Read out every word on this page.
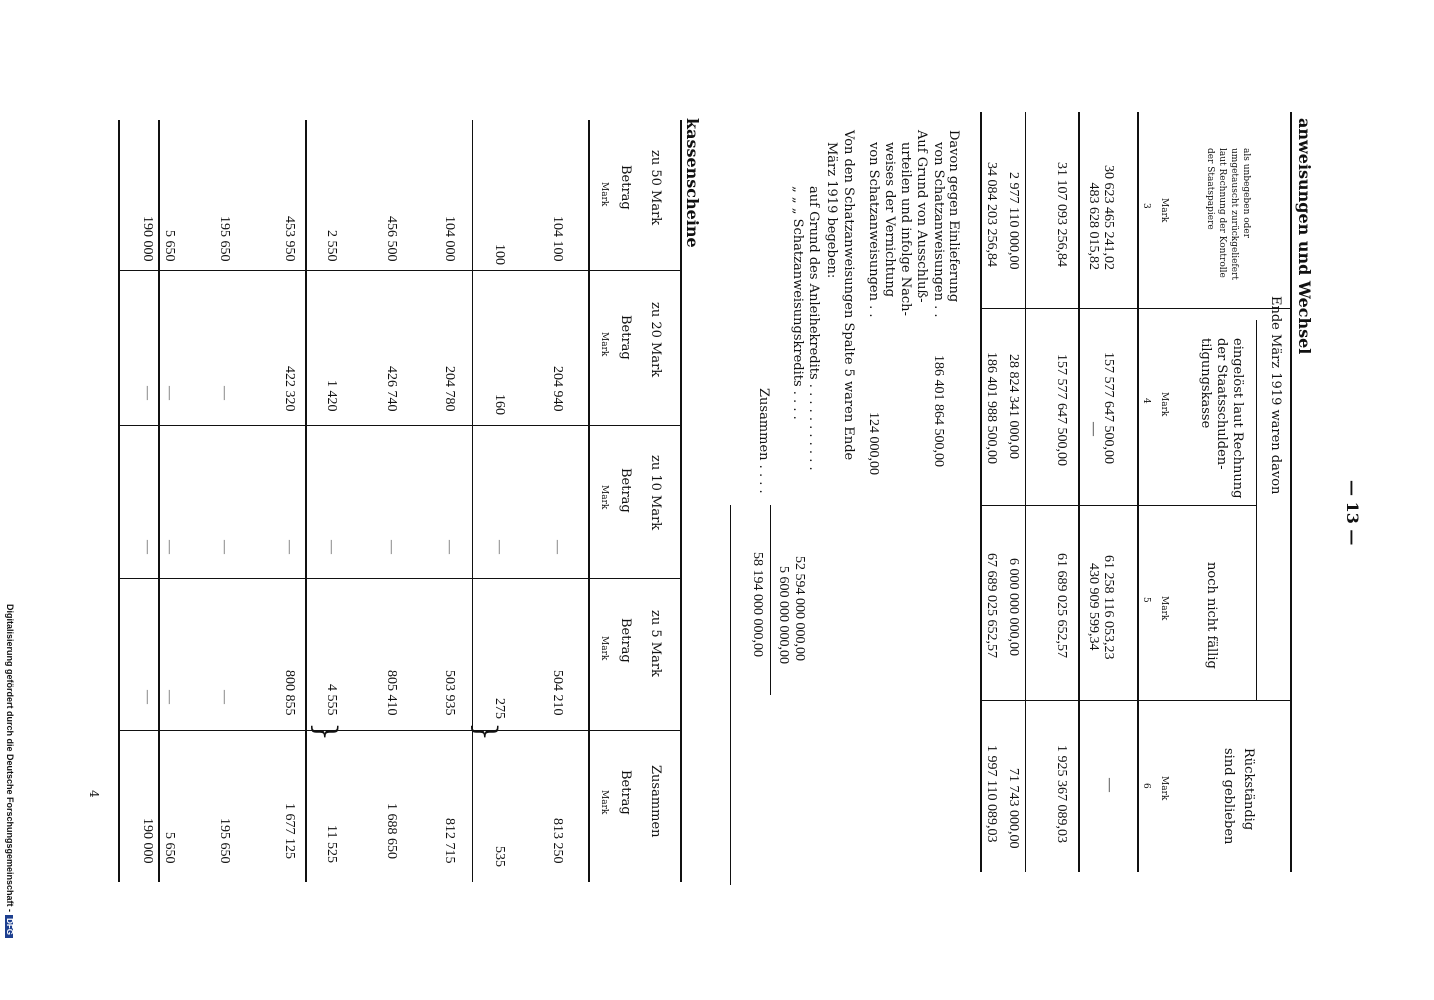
— 13 —
anweisungen und Wechsel
Ende März 1919 waren davon
als unbegeben oder
umgetauscht zurückgeliefert
laut Rechnung der Kontrolle
der Staatspapiere
Mark
3
eingelöst laut Rechnung
der Staatsschulden-
tilgungskasse
Mark
4
noch nicht fällig
Mark
5
Rückständig
sind geblieben
Mark
6
30 623 465 241,02
483 628 015,82
157 577 647 500,00
—
61 258 116 053,23
430 909 599,34
—
31 107 093 256,84
157 577 647 500,00
61 689 025 652,57
1 925 367 089,03
2 977 110 000,00
28 824 341 000,00
6 000 000 000,00
71 743 000,00
34 084 203 256,84
186 401 988 500,00
67 689 025 652,57
1 997 110 089,03
Davon gegen Einlieferung
von Schatzanweisungen . .
186 401 864 500,00
Auf Grund von Ausschluß-
urteilen und infolge Nach-
weises der Vernichtung
von Schatzanweisungen . .
124 000,00
Von den Schatzanweisungen Spalte 5 waren Ende
März 1919 begeben:
auf Grund des Anleihekredits . . . . . . . . . . .
52 594 000 000,00
„ „ „ Schatzanweisungskredits . . . .
5 600 000 000,00
Zusammen . . . .
58 194 000 000,00
kassenscheine
zu 50 Mark
Betrag
Mark
zu 20 Mark
Betrag
Mark
zu 10 Mark
Betrag
Mark
zu 5 Mark
Betrag
Mark
Zusammen
Betrag
Mark
104 100
204 940
—
504 210
813 250
100
160
—
275
535
104 000
204 780
—
503 935
812 715
456 500
426 740
—
805 410
1 688 650
2 550
1 420
—
4 555
11 525
453 950
422 320
—
800 855
1 677 125
195 650
—
—
—
195 650
5 650
—
—
—
5 650
190 000
—
—
—
190 000
}
}
4
Digitalisierung gefördert durch die Deutsche Forschungsgemeinschaft -DFG
